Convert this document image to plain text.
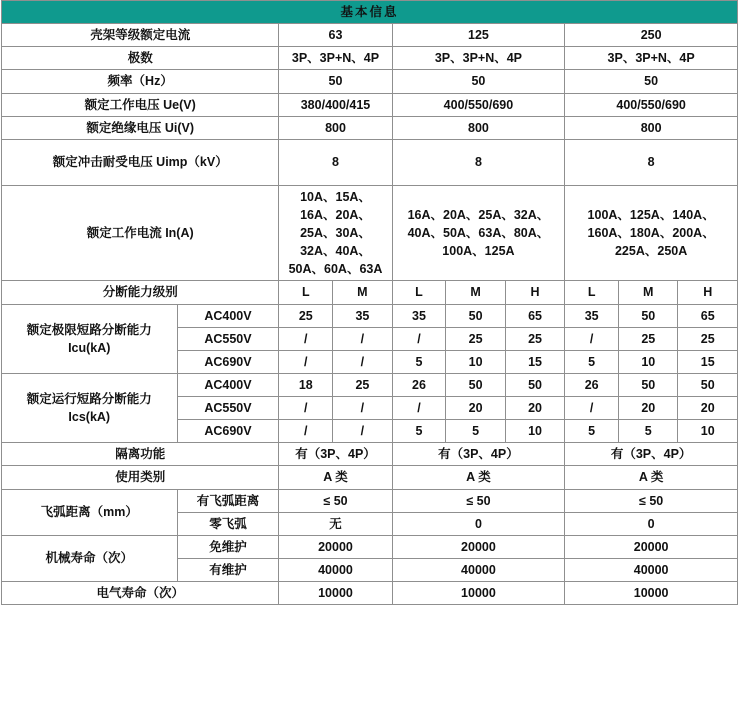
基本信息									
壳架等级额定电流		63		125			250		
极数		3P、3P+N、4P		3P、3P+N、4P			3P、3P+N、4P		
频率（Hz）		50		50			50		
额定工作电压 Ue(V)		380/400/415		400/550/690			400/550/690		
额定绝缘电压 Ui(V)		800		800			800		
额定冲击耐受电压 Uimp（kV）		8		8			8		
额定工作电流 In(A)		10A、15A、16A、20A、25A、30A、32A、40A、50A、60A、63A		16A、20A、25A、32A、40A、50A、63A、80A、100A、125A			100A、125A、140A、160A、180A、200A、225A、250A		
分断能力级别		L	M	L	M	H	L	M	H
额定极限短路分断能力 Icu(kA)	AC400V	25	35	35	50	65	35	50	65
	AC550V	/	/	/	25	25	/	25	25
	AC690V	/	/	5	10	15	5	10	15
额定运行短路分断能力 Ics(kA)	AC400V	18	25	26	50	50	26	50	50
	AC550V	/	/	/	20	20	/	20	20
	AC690V	/	/	5	5	10	5	5	10
隔离功能		有（3P、4P）		有（3P、4P）			有（3P、4P）		
使用类别		A 类		A 类			A 类		
飞弧距离（mm）	有飞弧距离	≤ 50		≤ 50			≤ 50		
	零飞弧	无		0			0		
机械寿命（次）	免维护	20000		20000			20000		
	有维护	40000		40000			40000		
电气寿命（次）		10000		10000			10000		
